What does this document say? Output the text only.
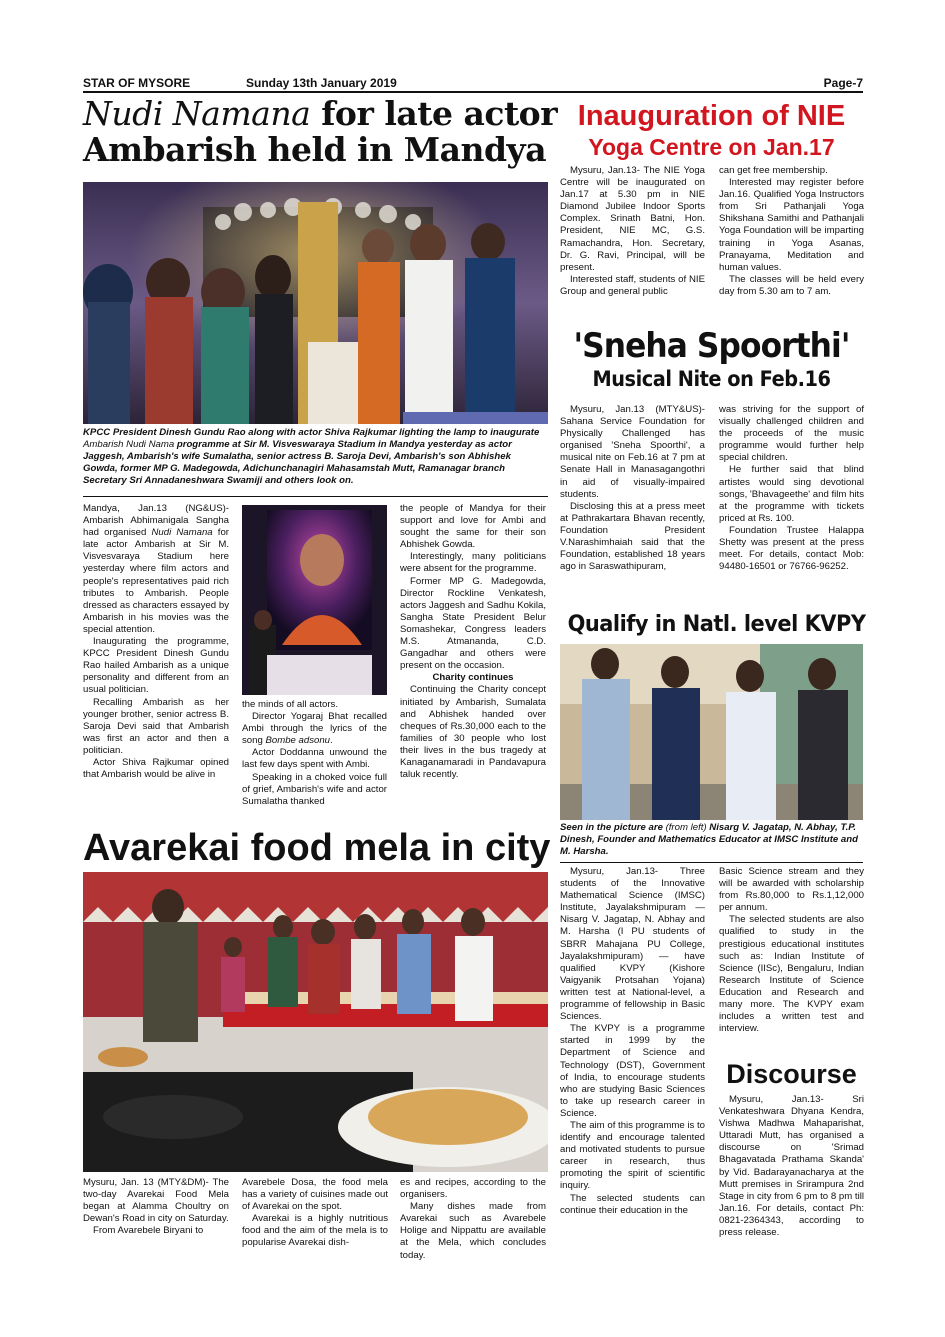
STAR OF MYSORE	Sunday 13th January 2019	Page-7
Nudi Namana for late actor
Ambarish held in Mandya
KPCC President Dinesh Gundu Rao along with actor Shiva Rajkumar lighting the lamp to inaugurate Ambarish Nudi Nama programme at Sir M. Visveswaraya Stadium in Mandya yesterday as actor Jaggesh, Ambarish's wife Sumalatha, senior actress B. Saroja Devi, Ambarish's son Abhishek Gowda, former MP G. Madegowda, Adichunchanagiri Mahasamstah Mutt, Ramanagar branch Secretary Sri Annadaneshwara Swamiji and others look on.

Mandya, Jan.13 (NG&US)- Ambarish Abhimanigala Sangha had organised Nudi Namana for late actor Ambarish at Sir M. Visvesvaraya Stadium here yesterday where film actors and people's representatives paid rich tributes to Ambarish. People dressed as characters essayed by Ambarish in his movies was the special attention.

Inaugurating the programme, KPCC President Dinesh Gundu Rao hailed Ambarish as a unique personality and different from an usual politician.

Recalling Ambarish as her younger brother, senior actress B. Saroja Devi said that Ambarish was first an actor and then a politician.

Actor Shiva Rajkumar opined that Ambarish would be alive in

the minds of all actors.

Director Yogaraj Bhat recalled Ambi through the lyrics of the song Bombe adsonu.

Actor Doddanna unwound the last few days spent with Ambi.

Speaking in a choked voice full of grief, Ambarish's wife and actor Sumalatha thanked

the people of Mandya for their support and love for Ambi and sought the same for their son Abhishek Gowda.

Interestingly, many politicians were absent for the programme.

Former MP G. Madegowda, Director Rockline Venkatesh, actors Jaggesh and Sadhu Kokila, Sangha State President Belur Somashekar, Congress leaders M.S. Atmananda, C.D. Gangadhar and others were present on the occasion.

Charity continues

Continuing the Charity concept initiated by Ambarish, Sumalata and Abhishek handed over cheques of Rs.30,000 each to the families of 30 people who lost their lives in the bus tragedy at Kanaganamaradi in Pandavapura taluk recently.

Avarekai food mela in city

Mysuru, Jan. 13 (MTY&DM)- The two-day Avarekai Food Mela began at Alamma Choultry on Dewan's Road in city on Saturday.

From Avarebele Biryani to

Avarebele Dosa, the food mela has a variety of cuisines made out of Avarekai on the spot.

Avarekai is a highly nutritious food and the aim of the mela is to popularise Avarekai dish-

es and recipes, according to the organisers.

Many dishes made from Avarekai such as Avarebele Holige and Nippattu are available at the Mela, which concludes today.

Inauguration of NIE
Yoga Centre on Jan.17

Mysuru, Jan.13- The NIE Yoga Centre will be inaugurated on Jan.17 at 5.30 pm in NIE Diamond Jubilee Indoor Sports Complex. Srinath Batni, Hon. President, NIE MC, G.S. Ramachandra, Hon. Secretary, Dr. G. Ravi, Principal, will be present.

Interested staff, students of NIE Group and general public

can get free membership.

Interested may register before Jan.16. Qualified Yoga Instructors from Sri Pathanjali Yoga Shikshana Samithi and Pathanjali Yoga Foundation will be imparting training in Yoga Asanas, Pranayama, Meditation and human values.

The classes will be held every day from 5.30 am to 7 am.

'Sneha Spoorthi'
Musical Nite on Feb.16

Mysuru, Jan.13 (MTY&US)- Sahana Service Foundation for Physically Challenged has organised 'Sneha Spoorthi', a musical nite on Feb.16 at 7 pm at Senate Hall in Manasagangothri in aid of visually-impaired students.

Disclosing this at a press meet at Pathrakartara Bhavan recently, Foundation President V.Narashimhaiah said that the Foundation, established 18 years ago in Saraswathipuram,

was striving for the support of visually challenged children and the proceeds of the music programme would further help special children.

He further said that blind artistes would sing devotional songs, 'Bhavageethe' and film hits at the programme with tickets priced at Rs. 100.

Foundation Trustee Halappa Shetty was present at the press meet. For details, contact Mob: 94480-16501 or 76766-96252.

Qualify in Natl. level KVPY
Seen in the picture are (from left) Nisarg V. Jagatap, N. Abhay, T.P. Dinesh, Founder and Mathematics Educator at IMSC Institute and M. Harsha.

Mysuru, Jan.13- Three students of the Innovative Mathematical Science (IMSC) Institute, Jayalakshmipuram — Nisarg V. Jagatap, N. Abhay and M. Harsha (I PU students of SBRR Mahajana PU College, Jayalakshmipuram) — have qualified KVPY (Kishore Vaigyanik Protsahan Yojana) written test at National-level, a programme of fellowship in Basic Sciences.

The KVPY is a programme started in 1999 by the Department of Science and Technology (DST), Government of India, to encourage students who are studying Basic Sciences to take up research career in Science.

The aim of this programme is to identify and encourage talented and motivated students to pursue career in research, thus promoting the spirit of scientific inquiry.

The selected students can continue their education in the

Basic Science stream and they will be awarded with scholarship from Rs.80,000 to Rs.1,12,000 per annum.

The selected students are also qualified to study in the prestigious educational institutes such as: Indian Institute of Science (IISc), Bengaluru, Indian Research Institute of Science Education and Research and many more. The KVPY exam includes a written test and interview.

Discourse

Mysuru, Jan.13- Sri Venkateshwara Dhyana Kendra, Vishwa Madhwa Mahaparishat, Uttaradi Mutt, has organised a discourse on 'Srimad Bhagavatada Prathama Skanda' by Vid. Badarayanacharya at the Mutt premises in Srirampura 2nd Stage in city from 6 pm to 8 pm till Jan.16. For details, contact Ph: 0821-2364343, according to press release.
